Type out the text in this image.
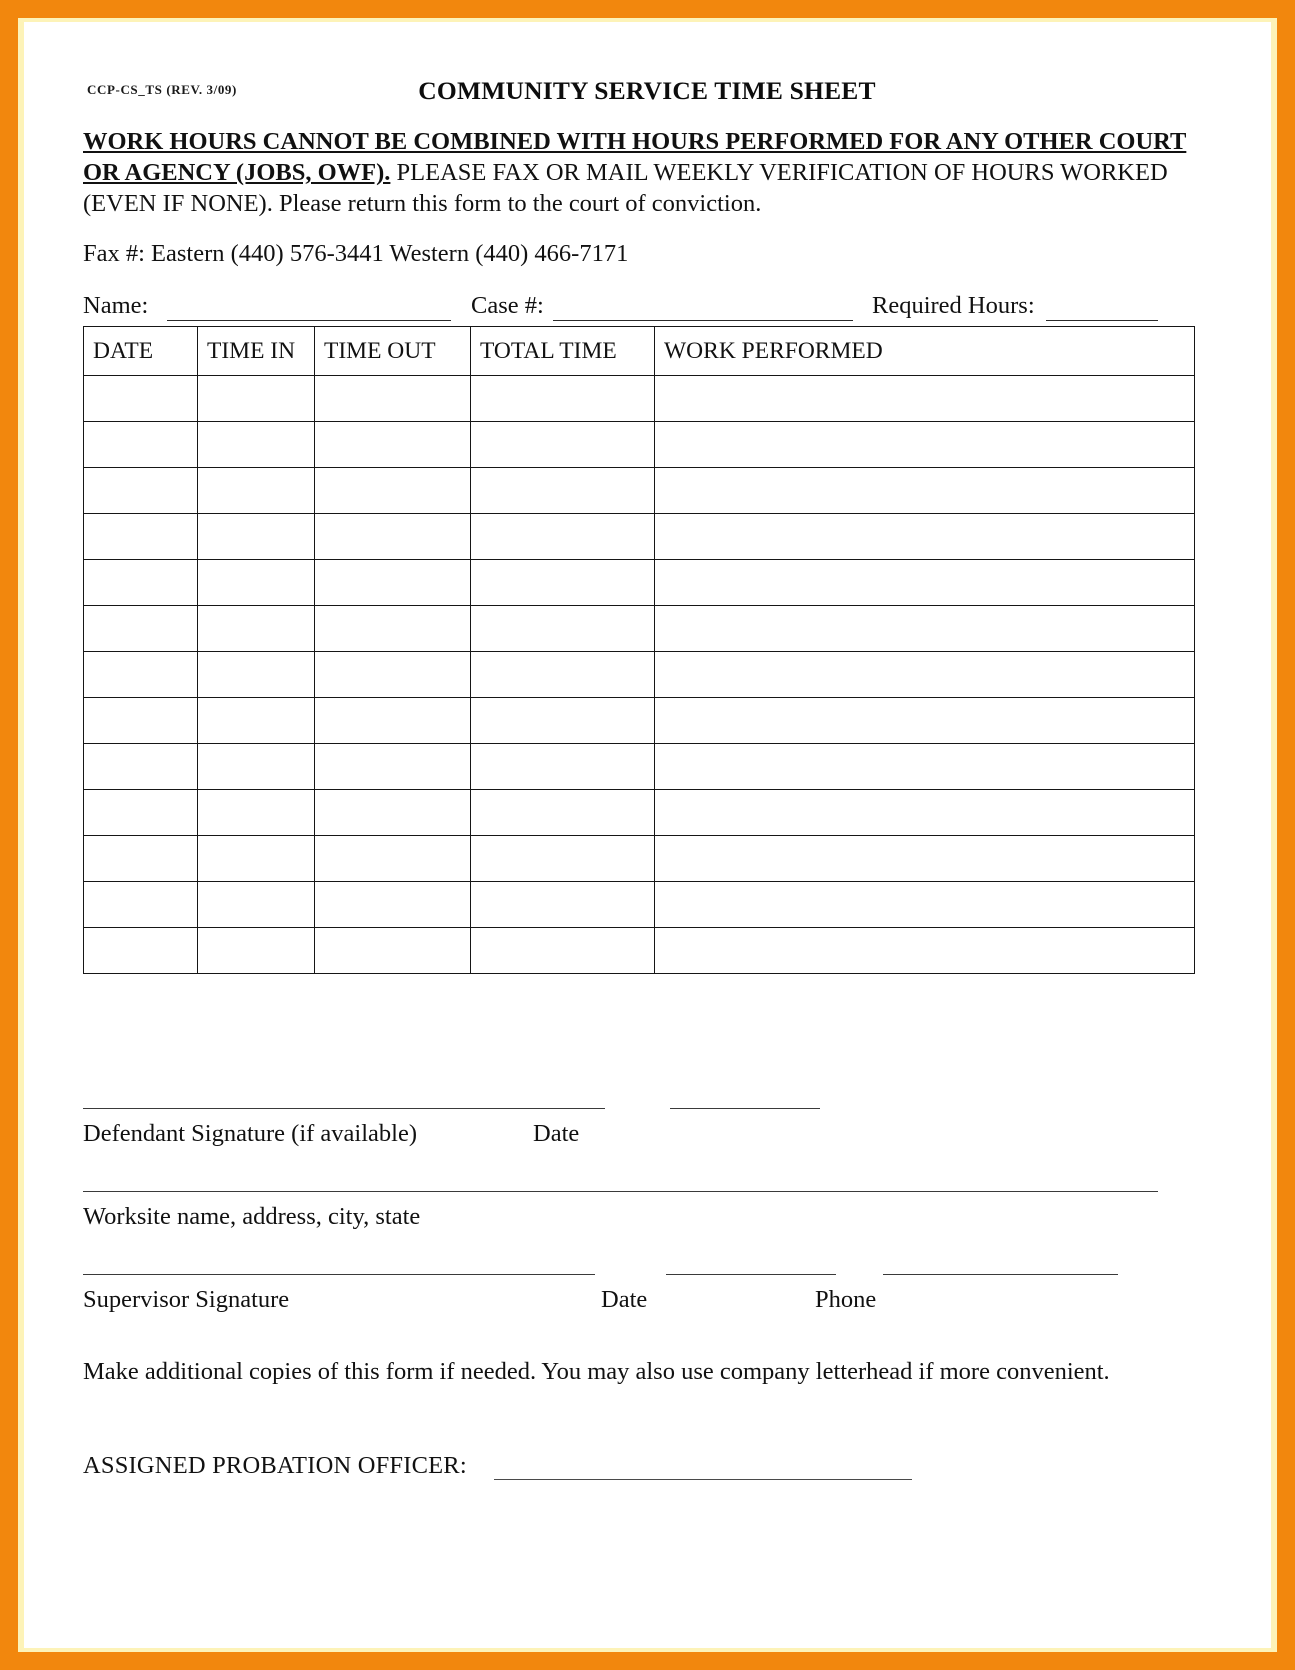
CCP-CS_TS (REV. 3/09)	COMMUNITY SERVICE TIME SHEET
WORK HOURS CANNOT BE COMBINED WITH HOURS PERFORMED FOR ANY OTHER COURT OR AGENCY (JOBS, OWF). PLEASE FAX OR MAIL WEEKLY VERIFICATION OF HOURS WORKED (EVEN IF NONE). Please return this form to the court of conviction.
Fax #: Eastern (440) 576-3441 Western (440) 466-7171
Name:	Case #:	Required Hours:
DATE	TIME IN	TIME OUT	TOTAL TIME	WORK PERFORMED

Defendant Signature (if available)	Date
Worksite name, address, city, state
Supervisor Signature	Date	Phone
Make additional copies of this form if needed. You may also use company letterhead if more convenient.
ASSIGNED PROBATION OFFICER:
